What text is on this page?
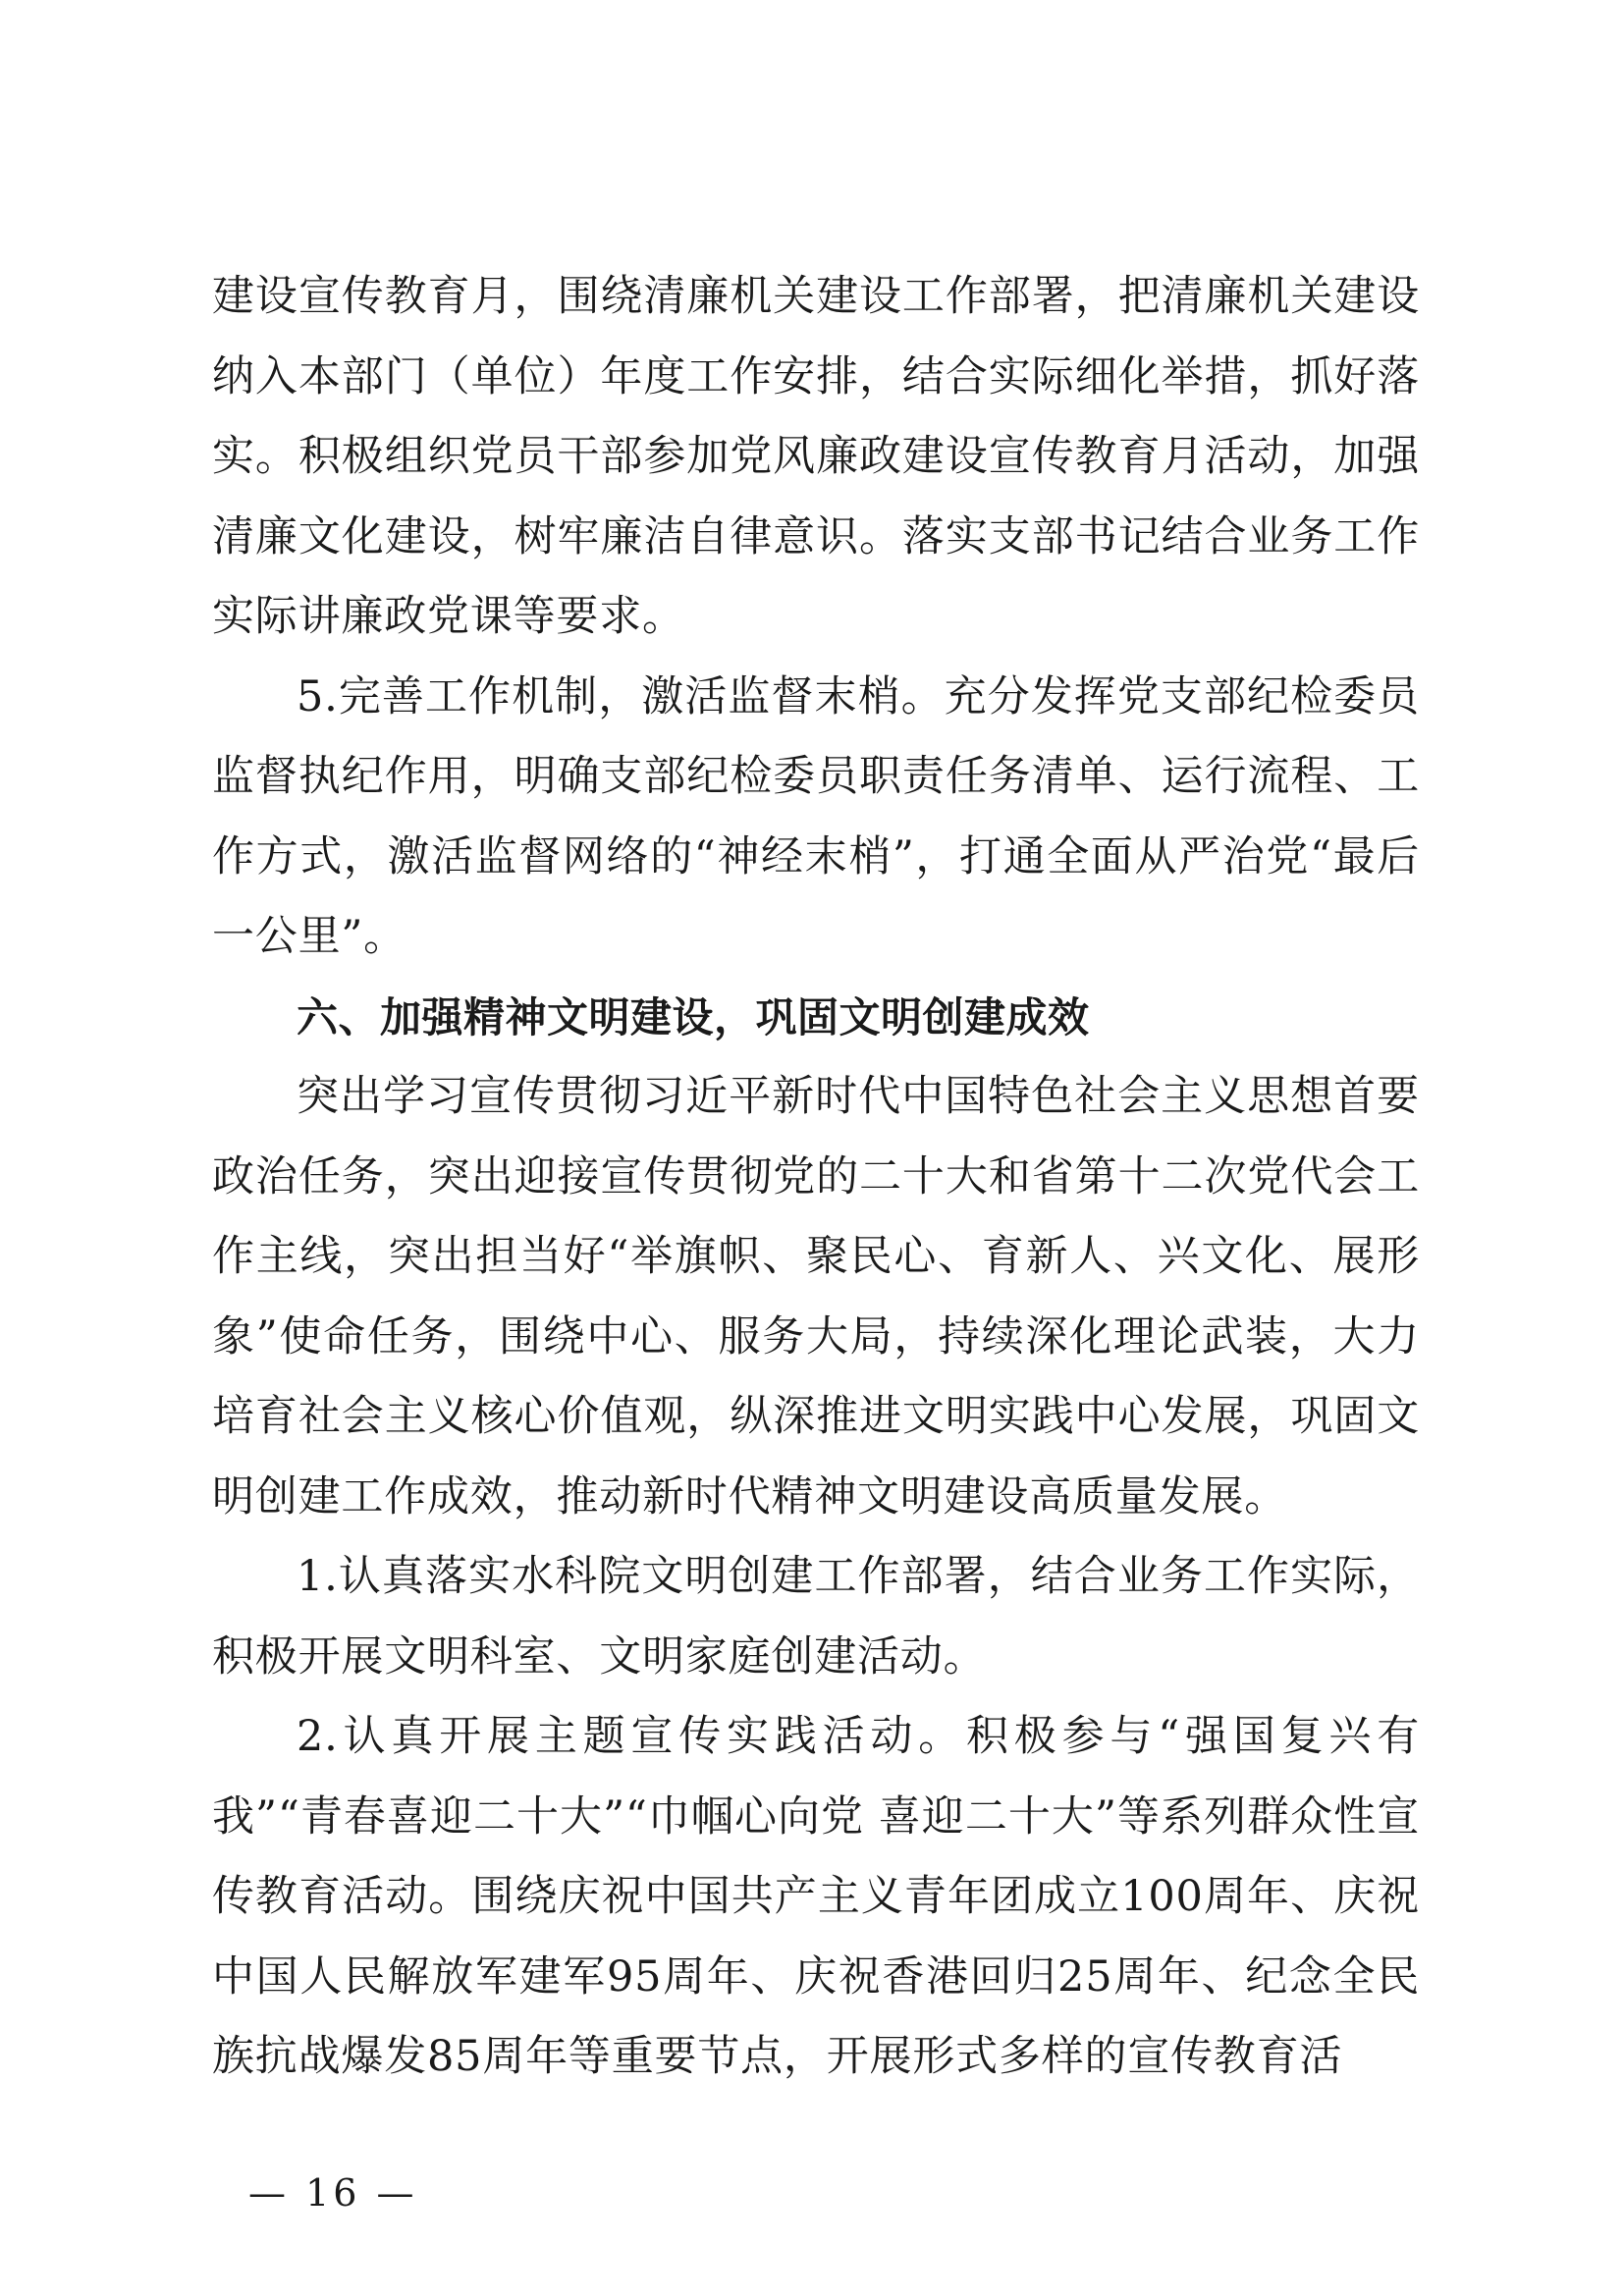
建设宣传教育月，围绕清廉机关建设工作部署，把清廉机关建设纳入本部门（单位）年度工作安排，结合实际细化举措，抓好落实。积极组织党员干部参加党风廉政建设宣传教育月活动，加强清廉文化建设，树牢廉洁自律意识。落实支部书记结合业务工作实际讲廉政党课等要求。

5.完善工作机制，激活监督末梢。充分发挥党支部纪检委员监督执纪作用，明确支部纪检委员职责任务清单、运行流程、工作方式，激活监督网络的“神经末梢”，打通全面从严治党“最后一公里”。

六、加强精神文明建设，巩固文明创建成效

突出学习宣传贯彻习近平新时代中国特色社会主义思想首要政治任务，突出迎接宣传贯彻党的二十大和省第十二次党代会工作主线，突出担当好“举旗帜、聚民心、育新人、兴文化、展形象”使命任务，围绕中心、服务大局，持续深化理论武装，大力培育社会主义核心价值观，纵深推进文明实践中心发展，巩固文明创建工作成效，推动新时代精神文明建设高质量发展。

1.认真落实水科院文明创建工作部署，结合业务工作实际，积极开展文明科室、文明家庭创建活动。

2.认真开展主题宣传实践活动。积极参与“强国复兴有我”“青春喜迎二十大”“巾帼心向党 喜迎二十大”等系列群众性宣传教育活动。围绕庆祝中国共产主义青年团成立100周年、庆祝中国人民解放军建军95周年、庆祝香港回归25周年、纪念全民族抗战爆发85周年等重要节点，开展形式多样的宣传教育活

— 16 —
